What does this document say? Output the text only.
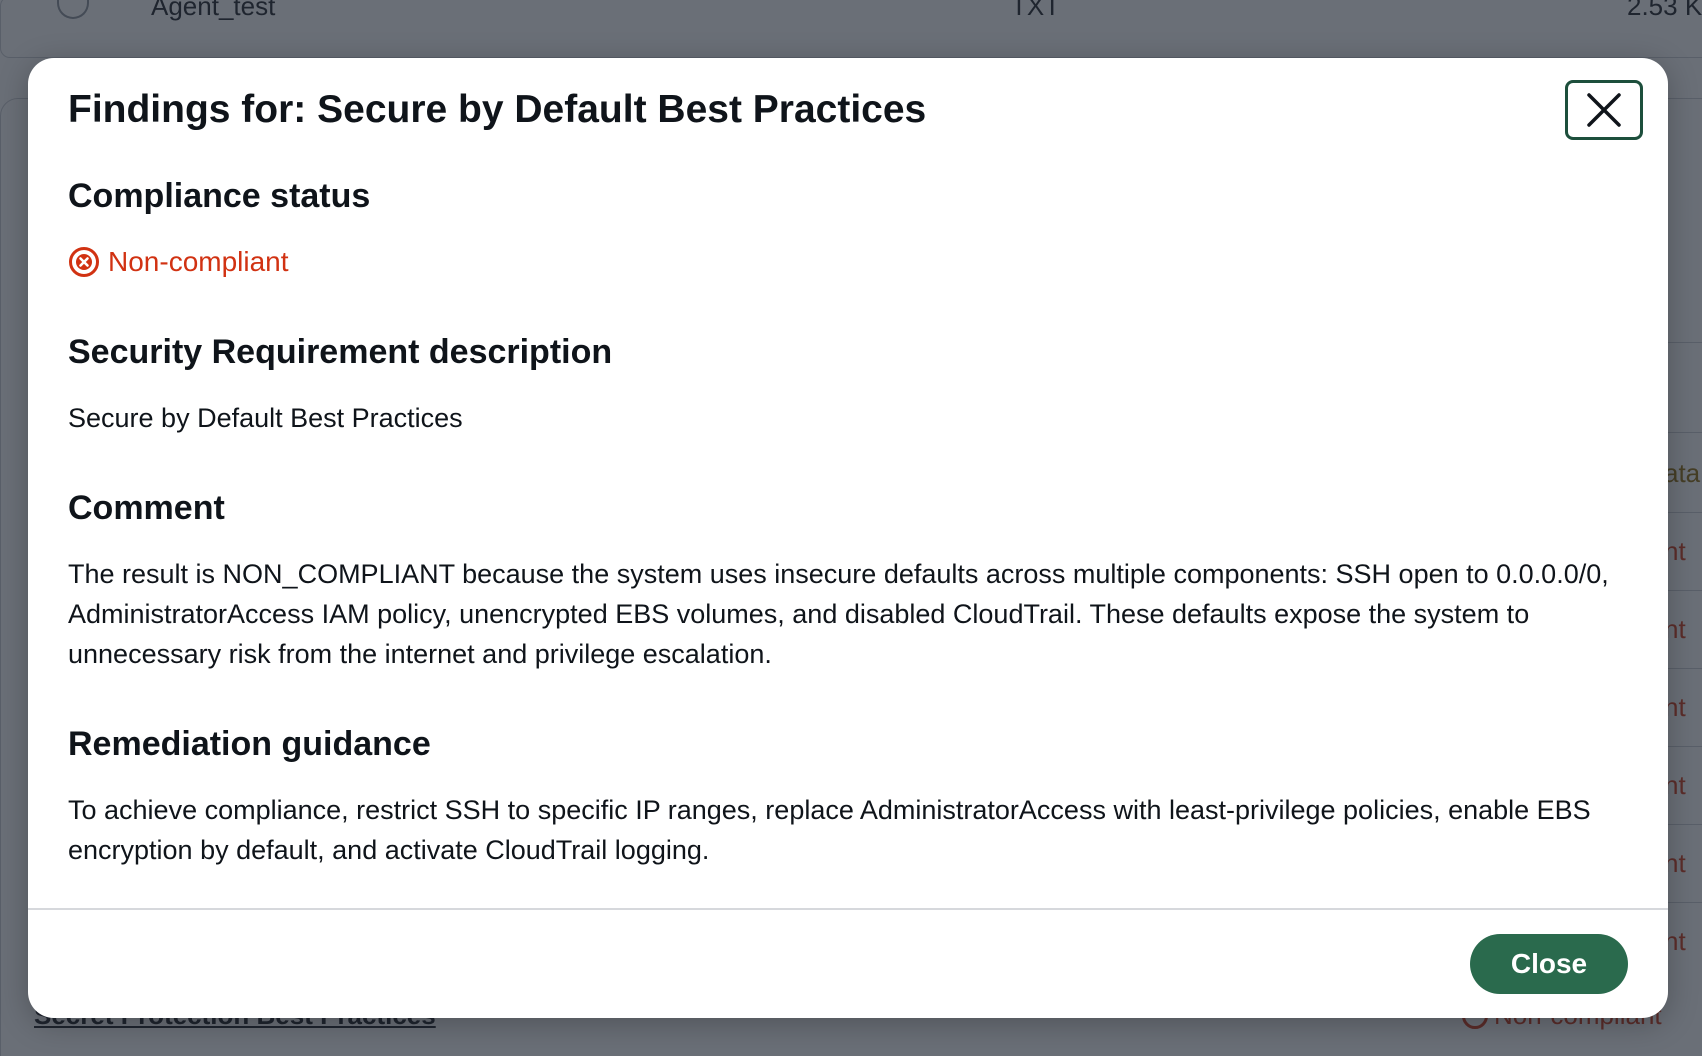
Findings for: Secure by Default Best Practices
Compliance status
Non-compliant
Security Requirement description

Secure by Default Best Practices

Comment

The result is NON_COMPLIANT because the system uses insecure defaults across multiple components: SSH open to 0.0.0.0/0, AdministratorAccess IAM policy, unencrypted EBS volumes, and disabled CloudTrail. These defaults expose the system to unnecessary risk from the internet and privilege escalation.

Remediation guidance

To achieve compliance, restrict SSH to specific IP ranges, replace AdministratorAccess with least-privilege policies, enable EBS encryption by default, and activate CloudTrail logging.

Close
